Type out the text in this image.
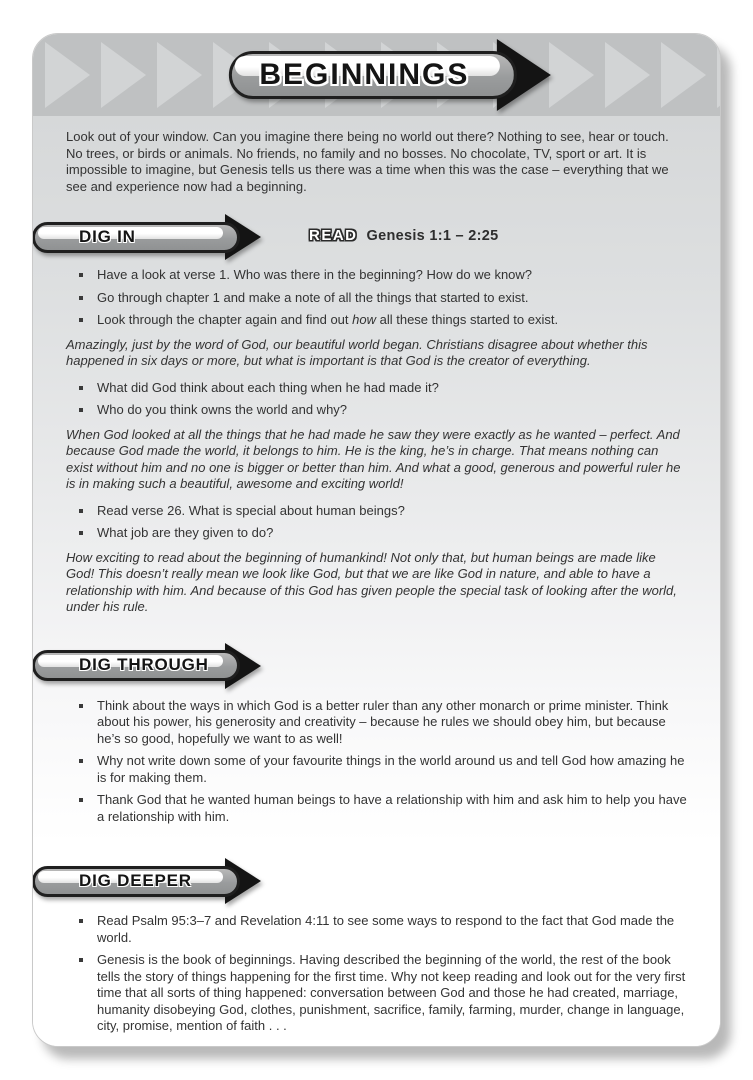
BEGINNINGS

Look out of your window. Can you imagine there being no world out there? Nothing to see, hear or touch. No trees, or birds or animals. No friends, no family and no bosses. No chocolate, TV, sport or art. It is impossible to imagine, but Genesis tells us there was a time when this was the case – everything that we see and experience now had a beginning.

DIG IN	READ Genesis 1:1 – 2:25
Have a look at verse 1. Who was there in the beginning? How do we know?
Go through chapter 1 and make a note of all the things that started to exist.
Look through the chapter again and find out how all these things started to exist.

Amazingly, just by the word of God, our beautiful world began. Christians disagree about whether this happened in six days or more, but what is important is that God is the creator of everything.

What did God think about each thing when he had made it?
Who do you think owns the world and why?

When God looked at all the things that he had made he saw they were exactly as he wanted – perfect. And because God made the world, it belongs to him. He is the king, he’s in charge. That means nothing can exist without him and no one is bigger or better than him. And what a good, generous and powerful ruler he is in making such a beautiful, awesome and exciting world!

Read verse 26. What is special about human beings?
What job are they given to do?

How exciting to read about the beginning of humankind! Not only that, but human beings are made like God! This doesn’t really mean we look like God, but that we are like God in nature, and able to have a relationship with him. And because of this God has given people the special task of looking after the world, under his rule.

DIG THROUGH
Think about the ways in which God is a better ruler than any other monarch or prime minister. Think about his power, his generosity and creativity – because he rules we should obey him, but because he’s so good, hopefully we want to as well!
Why not write down some of your favourite things in the world around us and tell God how amazing he is for making them.
Thank God that he wanted human beings to have a relationship with him and ask him to help you have a relationship with him.
DIG DEEPER
Read Psalm 95:3–7 and Revelation 4:11 to see some ways to respond to the fact that God made the world.
Genesis is the book of beginnings. Having described the beginning of the world, the rest of the book tells the story of things happening for the first time. Why not keep reading and look out for the very first time that all sorts of thing happened: conversation between God and those he had created, marriage, humanity disobeying God, clothes, punishment, sacrifice, family, farming, murder, change in language, city, promise, mention of faith . . .
